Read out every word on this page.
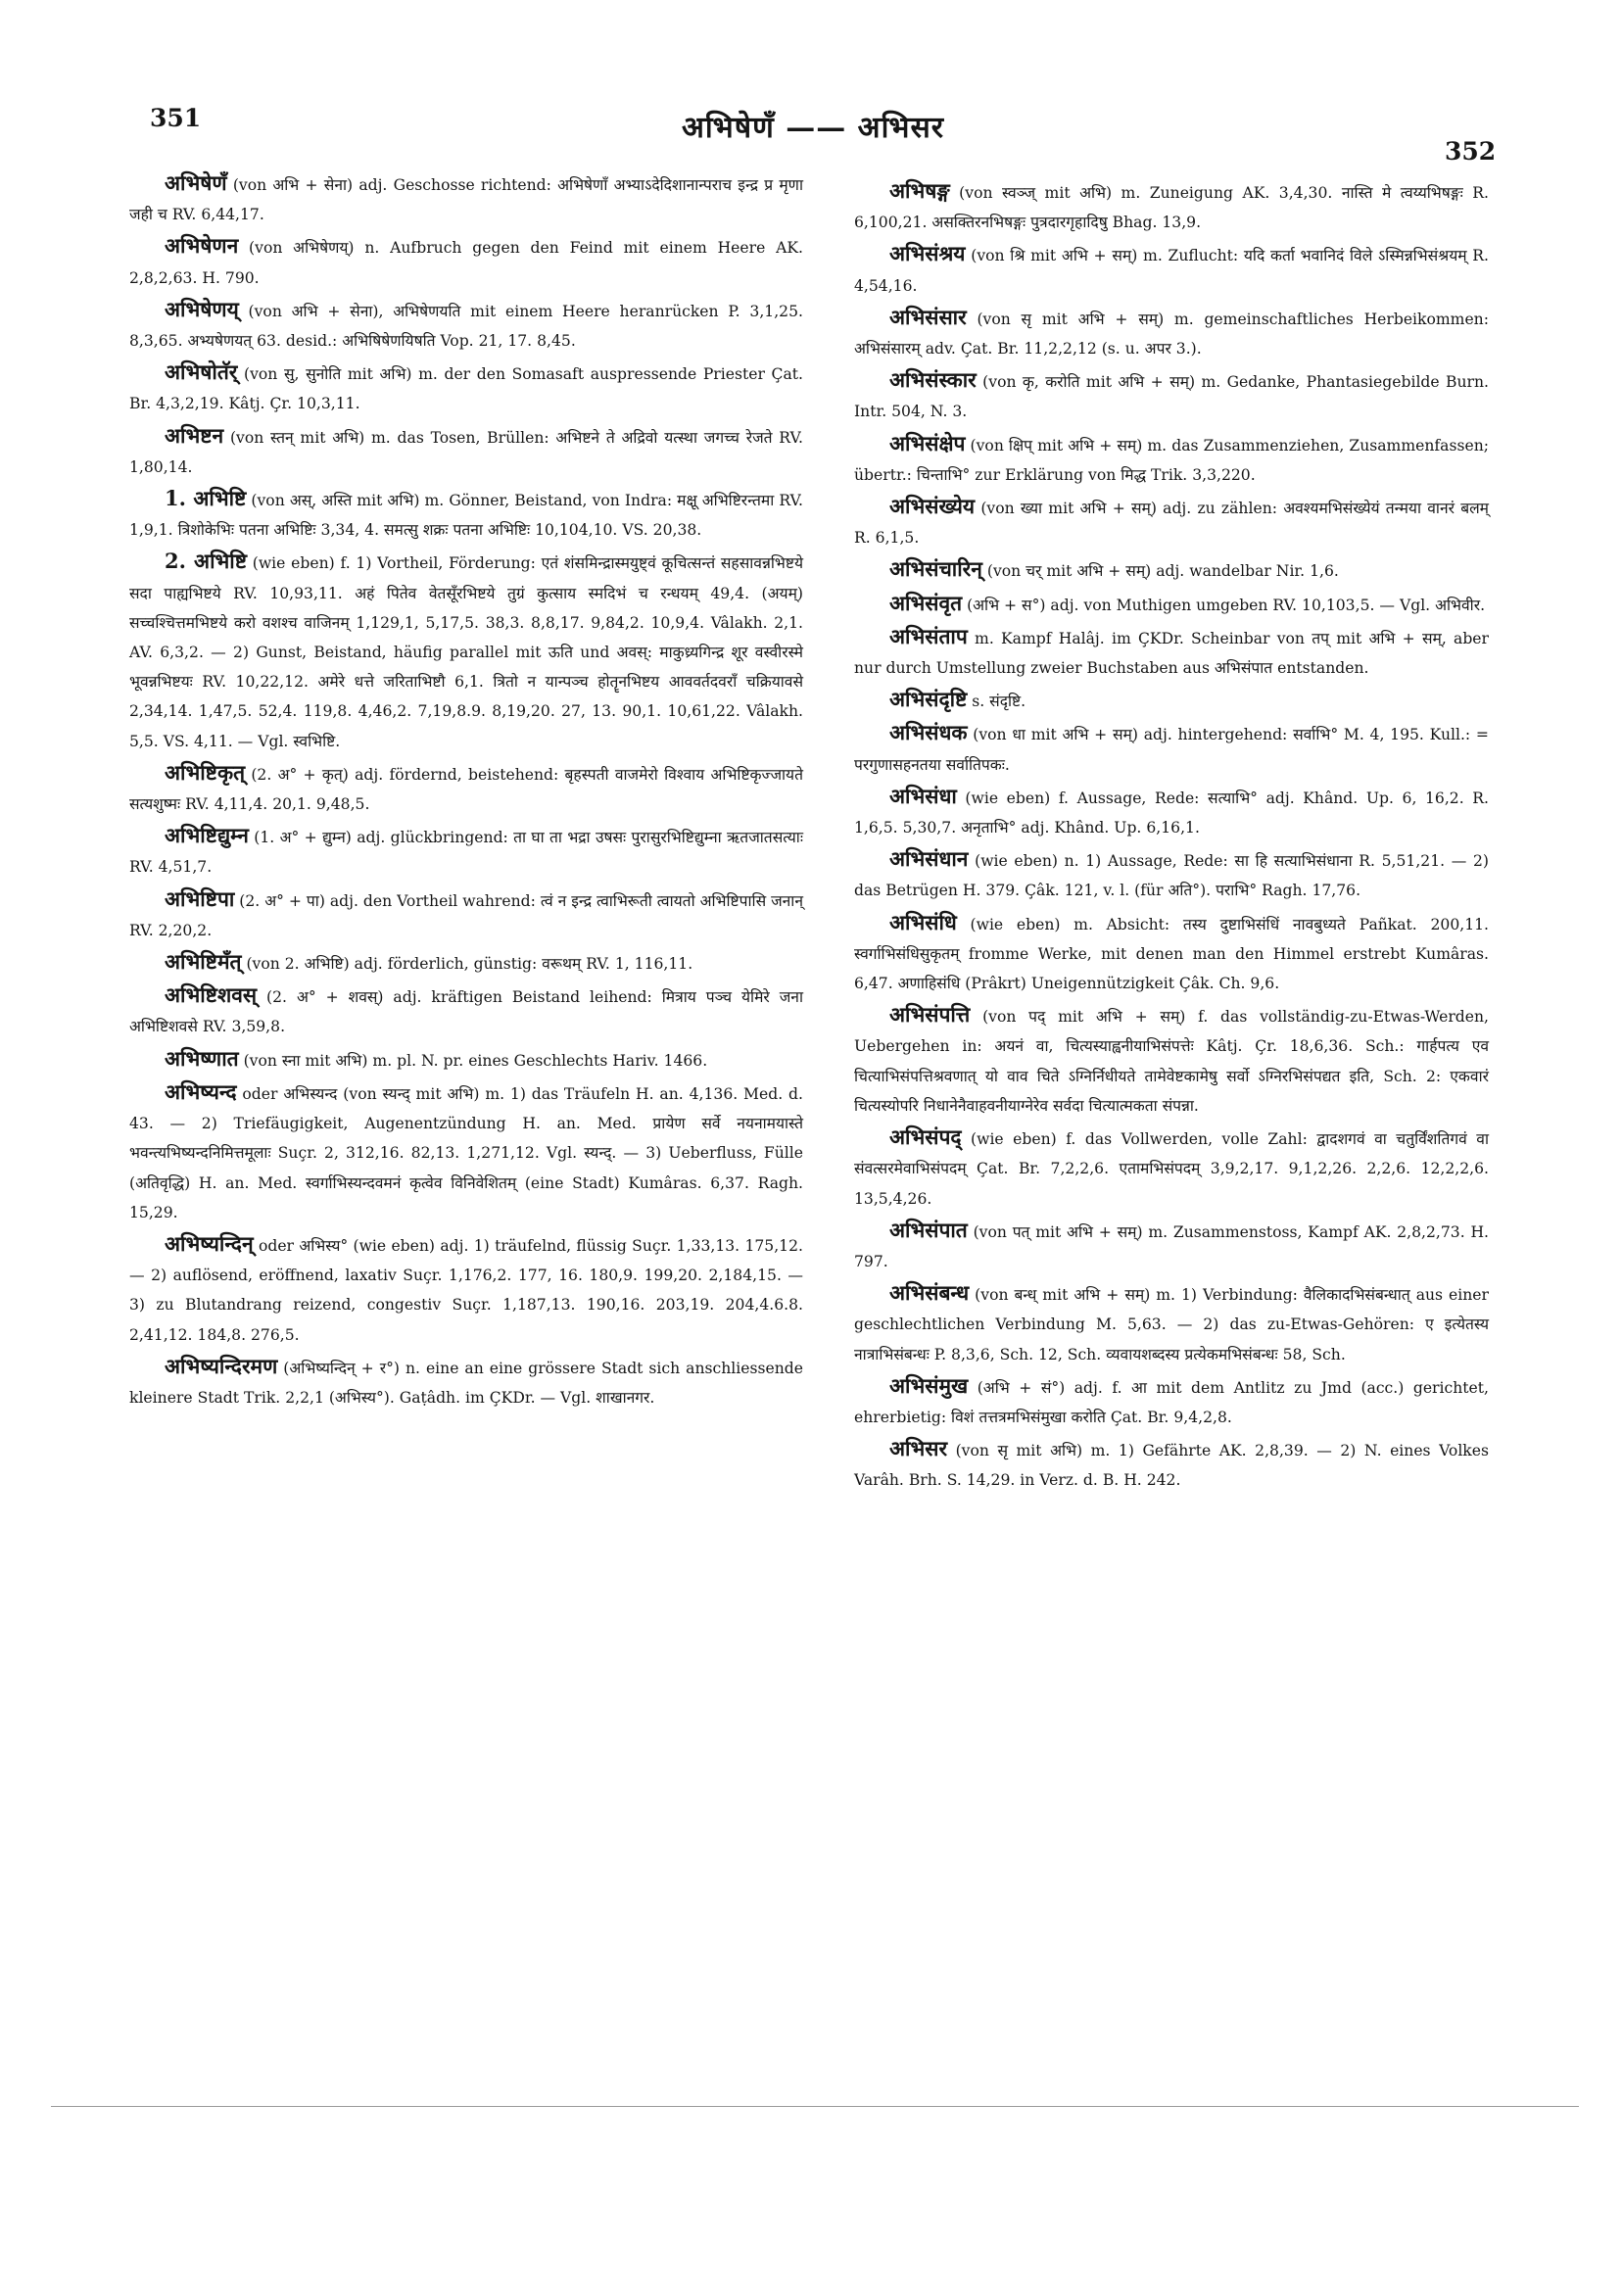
351	अभिषेणँ —— अभिसर
352

अभिषेणँ (von अभि + सेना) adj. Geschosse richtend: अभिषेणाँ अभ्याऽदेदिशानान्पराच इन्द्र प्र मृणा जही च RV. 6,44,17.

अभिषेणन (von अभिषेणय्) n. Aufbruch gegen den Feind mit einem Heere AK. 2,8,2,63. H. 790.

अभिषेणय् (von अभि + सेना), अभिषेणयति mit einem Heere heranrücken P. 3,1,25. 8,3,65. अभ्यषेणयत् 63. desid.: अभिषिषेणयिषति Vop. 21, 17. 8,45.

अभिषोतॅर् (von सु, सुनोति mit अभि) m. der den Somasaft auspressende Priester Çat. Br. 4,3,2,19. Kâtj. Çr. 10,3,11.

अभिष्टन (von स्तन् mit अभि) m. das Tosen, Brüllen: अभिष्टने ते अद्रिवो यत्स्था जगच्च रेजते RV. 1,80,14.

1. अभिष्टि (von अस्, अस्ति mit अभि) m. Gönner, Beistand, von Indra: मक्षू अभिष्टिरन्तमा RV. 1,9,1. त्रिशोकेभिः पतना अभिष्टिः 3,34, 4. समत्सु शक्रः पतना अभिष्टिः 10,104,10. VS. 20,38.

2. अभिष्टि (wie eben) f. 1) Vortheil, Förderung: एतं शंसमिन्द्रास्मयुष्ट्वं कूचित्सन्तं सहसावन्नभिष्टये सदा पाह्यभिष्टये RV. 10,93,11. अहं पितेव वेतसूँरभिष्टये तुग्रं कुत्साय स्मदिभं च रन्धयम् 49,4. (अयम्) सच्चश्चित्तमभिष्टये करो वशश्च वाजिनम् 1,129,1, 5,17,5. 38,3. 8,8,17. 9,84,2. 10,9,4. Vâlakh. 2,1. AV. 6,3,2. — 2) Gunst, Beistand, häufig parallel mit ऊति und अवस्: माकुध्र्यगिन्द्र शूर वस्वीरस्मे भूवन्नभिष्टयः RV. 10,22,12. अमेरे धत्ते जरिताभिष्टौ 6,1. त्रितो न यान्पञ्च होतॄनभिष्टय आववर्तदवराँ चक्रियावसे 2,34,14. 1,47,5. 52,4. 119,8. 4,46,2. 7,19,8.9. 8,19,20. 27, 13. 90,1. 10,61,22. Vâlakh. 5,5. VS. 4,11. — Vgl. स्वभिष्टि.

अभिष्टिकृत् (2. अ° + कृत्) adj. fördernd, beistehend: बृहस्पती वाजमेरो विश्वाय अभिष्टिकृज्जायते सत्यशुष्मः RV. 4,11,4. 20,1. 9,48,5.

अभिष्टिद्युम्न (1. अ° + द्युम्न) adj. glückbringend: ता घा ता भद्रा उषसः पुरासुरभिष्टिद्युम्ना ऋतजातसत्याः RV. 4,51,7.

अभिष्टिपा (2. अ° + पा) adj. den Vortheil wahrend: त्वं न इन्द्र त्वाभिरूती त्वायतो अभिष्टिपासि जनान् RV. 2,20,2.

अभिष्टिमँत् (von 2. अभिष्टि) adj. förderlich, günstig: वरूथम् RV. 1, 116,11.

अभिष्टिशवस् (2. अ° + शवस्) adj. kräftigen Beistand leihend: मित्राय पञ्च येमिरे जना अभिष्टिशवसे RV. 3,59,8.

अभिष्णात (von स्ना mit अभि) m. pl. N. pr. eines Geschlechts Hariv. 1466.

अभिष्यन्द oder अभिस्यन्द (von स्यन्द् mit अभि) m. 1) das Träufeln H. an. 4,136. Med. d. 43. — 2) Triefäugigkeit, Augenentzündung H. an. Med. प्रायेण सर्वे नयनामयास्ते भवन्त्यभिष्यन्दनिमित्तमूलाः Suçr. 2, 312,16. 82,13. 1,271,12. Vgl. स्यन्द्. — 3) Ueberfluss, Fülle (अतिवृद्धि) H. an. Med. स्वर्गाभिस्यन्दवमनं कृत्वेव विनिवेशितम् (eine Stadt) Kumâras. 6,37. Ragh. 15,29.

अभिष्यन्दिन् oder अभिस्य° (wie eben) adj. 1) träufelnd, flüssig Suçr. 1,33,13. 175,12. — 2) auflösend, eröffnend, laxativ Suçr. 1,176,2. 177, 16. 180,9. 199,20. 2,184,15. — 3) zu Blutandrang reizend, congestiv Suçr. 1,187,13. 190,16. 203,19. 204,4.6.8. 2,41,12. 184,8. 276,5.

अभिष्यन्दिरमण (अभिष्यन्दिन् + र°) n. eine an eine grössere Stadt sich anschliessende kleinere Stadt Trik. 2,2,1 (अभिस्य°). Gaṭâdh. im ÇKDr. — Vgl. शाखानगर.

अभिषङ्ग (von स्वञ्ज् mit अभि) m. Zuneigung AK. 3,4,30. नास्ति मे त्वय्यभिषङ्गः R. 6,100,21. असक्तिरनभिषङ्गः पुत्रदारगृहादिषु Bhag. 13,9.

अभिसंश्रय (von श्रि mit अभि + सम्) m. Zuflucht: यदि कर्ता भवानिदं विले ऽस्मिन्नभिसंश्रयम् R. 4,54,16.

अभिसंसार (von सृ mit अभि + सम्) m. gemeinschaftliches Herbeikommen: अभिसंसारम् adv. Çat. Br. 11,2,2,12 (s. u. अपर 3.).

अभिसंस्कार (von कृ, करोति mit अभि + सम्) m. Gedanke, Phantasiegebilde Burn. Intr. 504, N. 3.

अभिसंक्षेप (von क्षिप् mit अभि + सम्) m. das Zusammenziehen, Zusammenfassen; übertr.: चिन्ताभि° zur Erklärung von मिद्ध Trik. 3,3,220.

अभिसंख्येय (von ख्या mit अभि + सम्) adj. zu zählen: अवश्यमभिसंख्येयं तन्मया वानरं बलम् R. 6,1,5.

अभिसंचारिन् (von चर् mit अभि + सम्) adj. wandelbar Nir. 1,6.

अभिसंवृत (अभि + स°) adj. von Muthigen umgeben RV. 10,103,5. — Vgl. अभिवीर.

अभिसंताप m. Kampf Halâj. im ÇKDr. Scheinbar von तप् mit अभि + सम्, aber nur durch Umstellung zweier Buchstaben aus अभिसंपात entstanden.

अभिसंदृष्टि s. संदृष्टि.

अभिसंधक (von धा mit अभि + सम्) adj. hintergehend: सर्वाभि° M. 4, 195. Kull.: = परगुणासहनतया सर्वातिपकः.

अभिसंधा (wie eben) f. Aussage, Rede: सत्याभि° adj. Khând. Up. 6, 16,2. R. 1,6,5. 5,30,7. अनृताभि° adj. Khând. Up. 6,16,1.

अभिसंधान (wie eben) n. 1) Aussage, Rede: सा हि सत्याभिसंधाना R. 5,51,21. — 2) das Betrügen H. 379. Çâk. 121, v. l. (für अति°). पराभि° Ragh. 17,76.

अभिसंधि (wie eben) m. Absicht: तस्य दुष्टाभिसंधिं नावबुध्यते Pañkat. 200,11. स्वर्गाभिसंधिसुकृतम् fromme Werke, mit denen man den Himmel erstrebt Kumâras. 6,47. अणाहिसंधि (Prâkrt) Uneigennützigkeit Çâk. Ch. 9,6.

अभिसंपत्ति (von पद् mit अभि + सम्) f. das vollständig-zu-Etwas-Werden, Uebergehen in: अयनं वा, चित्यस्याह्वनीयाभिसंपत्तेः Kâtj. Çr. 18,6,36. Sch.: गार्हपत्य एव चित्याभिसंपत्तिश्रवणात् यो वाव चिते ऽग्निर्निधीयते तामेवेष्टकामेषु सर्वो ऽग्निरभिसंपद्यत इति, Sch. 2: एकवारं चित्यस्योपरि निधानेनैवाहवनीयाग्नेरेव सर्वदा चित्यात्मकता संपन्ना.

अभिसंपद् (wie eben) f. das Vollwerden, volle Zahl: द्वादशगवं वा चतुर्विंशतिगवं वा संवत्सरमेवाभिसंपदम् Çat. Br. 7,2,2,6. एतामभिसंपदम् 3,9,2,17. 9,1,2,26. 2,2,6. 12,2,2,6. 13,5,4,26.

अभिसंपात (von पत् mit अभि + सम्) m. Zusammenstoss, Kampf AK. 2,8,2,73. H. 797.

अभिसंबन्ध (von बन्ध् mit अभि + सम्) m. 1) Verbindung: वैलिकादभिसंबन्धात् aus einer geschlechtlichen Verbindung M. 5,63. — 2) das zu-Etwas-Gehören: ए इत्येतस्य नात्राभिसंबन्धः P. 8,3,6, Sch. 12, Sch. व्यवायशब्दस्य प्रत्येकमभिसंबन्धः 58, Sch.

अभिसंमुख (अभि + सं°) adj. f. आ mit dem Antlitz zu Jmd (acc.) gerichtet, ehrerbietig: विशं तत्तत्रमभिसंमुखा करोति Çat. Br. 9,4,2,8.

अभिसर (von सृ mit अभि) m. 1) Gefährte AK. 2,8,39. — 2) N. eines Volkes Varâh. Brh. S. 14,29. in Verz. d. B. H. 242.
